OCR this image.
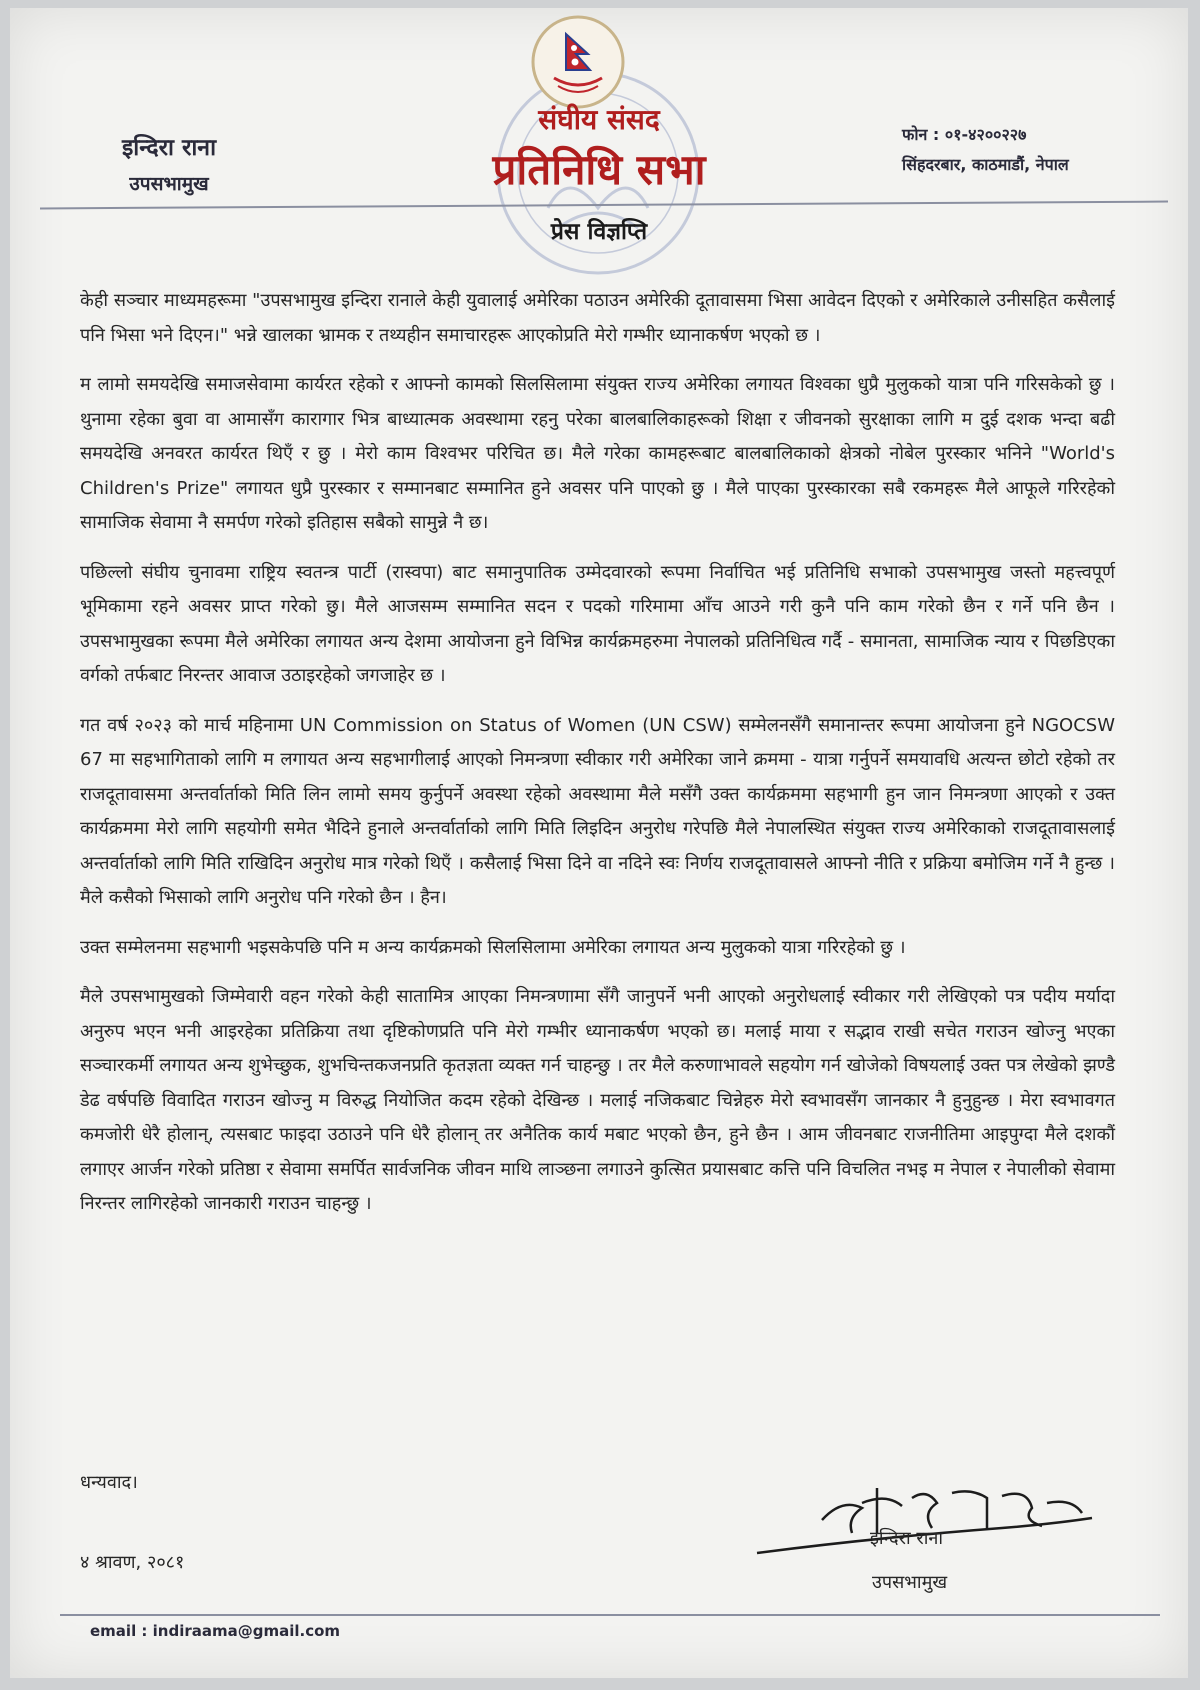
इन्दिरा राना
उपसभामुख
संघीय संसद
प्रतिनिधि सभा
प्रेस विज्ञप्ति
फोन : ०१-४२००२२७
सिंहदरबार, काठमाडौं, नेपाल

केही सञ्चार माध्यमहरूमा "उपसभामुख इन्दिरा रानाले केही युवालाई अमेरिका पठाउन अमेरिकी दूतावासमा भिसा आवेदन दिएको र अमेरिकाले उनीसहित कसैलाई पनि भिसा भने दिएन।" भन्ने खालका भ्रामक र तथ्यहीन समाचारहरू आएकोप्रति मेरो गम्भीर ध्यानाकर्षण भएको छ ।

म लामो समयदेखि समाजसेवामा कार्यरत रहेको र आफ्नो कामको सिलसिलामा संयुक्त राज्य अमेरिका लगायत विश्वका धुप्रै मुलुकको यात्रा पनि गरिसकेको छु । थुनामा रहेका बुवा वा आमासँग कारागार भित्र बाध्यात्मक अवस्थामा रहनु परेका बालबालिकाहरूको शिक्षा र जीवनको सुरक्षाका लागि म दुई दशक भन्दा बढी समयदेखि अनवरत कार्यरत थिएँ र छु । मेरो काम विश्वभर परिचित छ। मैले गरेका कामहरूबाट बालबालिकाको क्षेत्रको नोबेल पुरस्कार भनिने "World's Children's Prize" लगायत धुप्रै पुरस्कार र सम्मानबाट सम्मानित हुने अवसर पनि पाएको छु । मैले पाएका पुरस्कारका सबै रकमहरू मैले आफूले गरिरहेको सामाजिक सेवामा नै समर्पण गरेको इतिहास सबैको सामुन्ने नै छ।

पछिल्लो संघीय चुनावमा राष्ट्रिय स्वतन्त्र पार्टी (रास्वपा) बाट समानुपातिक उम्मेदवारको रूपमा निर्वाचित भई प्रतिनिधि सभाको उपसभामुख जस्तो महत्त्वपूर्ण भूमिकामा रहने अवसर प्राप्त गरेको छु। मैले आजसम्म सम्मानित सदन र पदको गरिमामा आँच आउने गरी कुनै पनि काम गरेको छैन र गर्ने पनि छैन । उपसभामुखका रूपमा मैले अमेरिका लगायत अन्य देशमा आयोजना हुने विभिन्न कार्यक्रमहरुमा नेपालको प्रतिनिधित्व गर्दै - समानता, सामाजिक न्याय र पिछडिएका वर्गको तर्फबाट निरन्तर आवाज उठाइरहेको जगजाहेर छ ।

गत वर्ष २०२३ को मार्च महिनामा UN Commission on Status of Women (UN CSW) सम्मेलनसँगै समानान्तर रूपमा आयोजना हुने NGOCSW 67 मा सहभागिताको लागि म लगायत अन्य सहभागीलाई आएको निमन्त्रणा स्वीकार गरी अमेरिका जाने क्रममा - यात्रा गर्नुपर्ने समयावधि अत्यन्त छोटो रहेको तर राजदूतावासमा अन्तर्वार्ताको मिति लिन लामो समय कुर्नुपर्ने अवस्था रहेको अवस्थामा मैले मसँगै उक्त कार्यक्रममा सहभागी हुन जान निमन्त्रणा आएको र उक्त कार्यक्रममा मेरो लागि सहयोगी समेत भैदिने हुनाले अन्तर्वार्ताको लागि मिति लिइदिन अनुरोध गरेपछि मैले नेपालस्थित संयुक्त राज्य अमेरिकाको राजदूतावासलाई अन्तर्वार्ताको लागि मिति राखिदिन अनुरोध मात्र गरेको थिएँ । कसैलाई भिसा दिने वा नदिने स्वः निर्णय राजदूतावासले आफ्नो नीति र प्रक्रिया बमोजिम गर्ने नै हुन्छ । मैले कसैको भिसाको लागि अनुरोध पनि गरेको छैन । हैन।

उक्त सम्मेलनमा सहभागी भइसकेपछि पनि म अन्य कार्यक्रमको सिलसिलामा अमेरिका लगायत अन्य मुलुकको यात्रा गरिरहेको छु ।

मैले उपसभामुखको जिम्मेवारी वहन गरेको केही सातामित्र आएका निमन्त्रणामा सँगै जानुपर्ने भनी आएको अनुरोधलाई स्वीकार गरी लेखिएको पत्र पदीय मर्यादा अनुरुप भएन भनी आइरहेका प्रतिक्रिया तथा दृष्टिकोणप्रति पनि मेरो गम्भीर ध्यानाकर्षण भएको छ। मलाई माया र सद्भाव राखी सचेत गराउन खोज्नु भएका सञ्चारकर्मी लगायत अन्य शुभेच्छुक, शुभचिन्तकजनप्रति कृतज्ञता व्यक्त गर्न चाहन्छु । तर मैले करुणाभावले सहयोग गर्न खोजेको विषयलाई उक्त पत्र लेखेको झण्डै डेढ वर्षपछि विवादित गराउन खोज्नु म विरुद्ध नियोजित कदम रहेको देखिन्छ । मलाई नजिकबाट चिन्नेहरु मेरो स्वभावसँग जानकार नै हुनुहुन्छ । मेरा स्वभावगत कमजोरी धेरै होलान्, त्यसबाट फाइदा उठाउने पनि धेरै होलान् तर अनैतिक कार्य मबाट भएको छैन, हुने छैन । आम जीवनबाट राजनीतिमा आइपुग्दा मैले दशकौं लगाएर आर्जन गरेको प्रतिष्ठा र सेवामा समर्पित सार्वजनिक जीवन माथि लाञ्छना लगाउने कुत्सित प्रयासबाट कत्ति पनि विचलित नभइ म नेपाल र नेपालीको सेवामा निरन्तर लागिरहेको जानकारी गराउन चाहन्छु ।

धन्यवाद।
४ श्रावण, २०८१
इन्दिरा राना
उपसभामुख
email : indiraama@gmail.com
